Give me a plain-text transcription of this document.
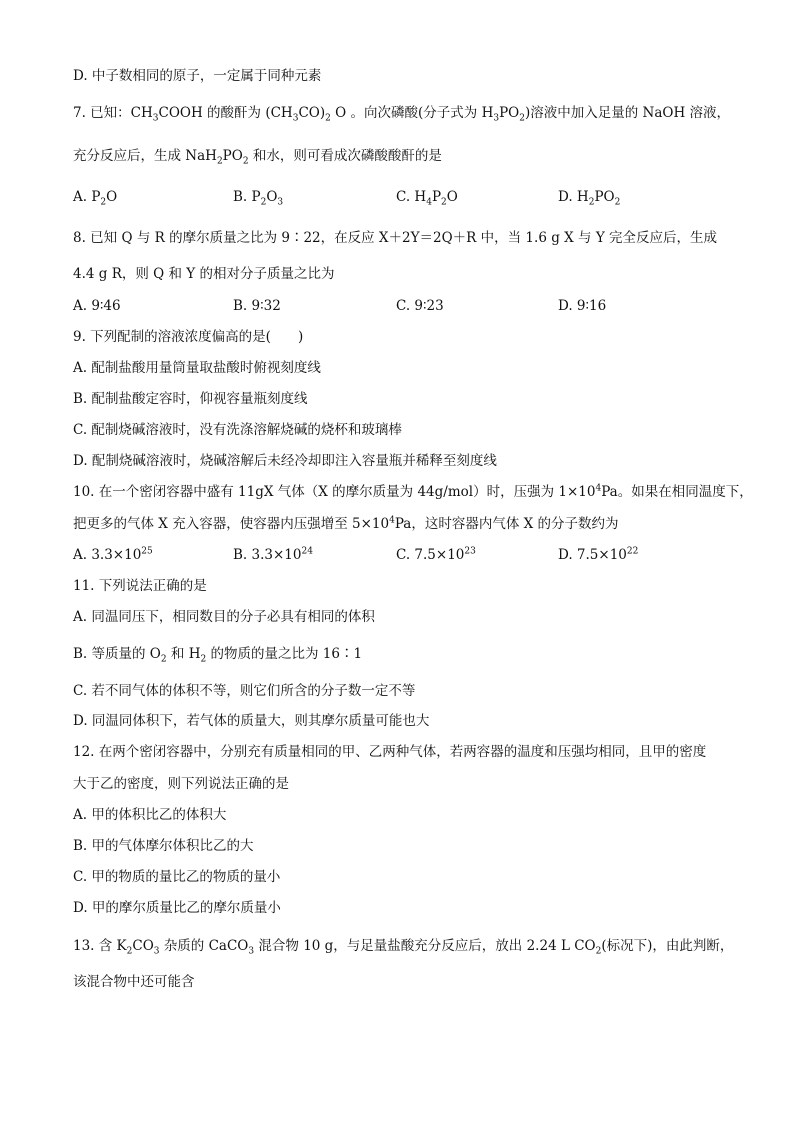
D. 中子数相同的原子，一定属于同种元素
7. 已知：$CH_3COOH$ 的酸酐为 $(CH_3CO)_2$ O 。向次磷酸(分子式为 $H_3PO_2$)溶液中加入足量的 NaOH 溶液，
充分反应后，生成 $NaH_2PO_2$ 和水，则可看成次磷酸酸酐的是
A. $P_2O$	B. $P_2O_3$	C. $H_4P_2O$	D. $H_2PO_2$
8. 已知 Q 与 R 的摩尔质量之比为 9∶22，在反应 X＋2Y＝2Q＋R 中，当 1.6 g X 与 Y 完全反应后，生成
4.4 g R，则 Q 和 Y 的相对分子质量之比为
A. 9∶46	B. 9∶32	C. 9∶23	D. 9∶16
9. 下列配制的溶液浓度偏高的是(　　)
A. 配制盐酸用量筒量取盐酸时俯视刻度线
B. 配制盐酸定容时，仰视容量瓶刻度线
C. 配制烧碱溶液时，没有洗涤溶解烧碱的烧杯和玻璃棒
D. 配制烧碱溶液时，烧碱溶解后未经冷却即注入容量瓶并稀释至刻度线
10. 在一个密闭容器中盛有 11gX 气体（X 的摩尔质量为 44g/mol）时，压强为 $1\times 10^4Pa$。如果在相同温度下，
把更多的气体 X 充入容器，使容器内压强增至 $5\times 10^4Pa$，这时容器内气体 X 的分子数约为
A. $3.3\times 10^{25}$	B. $3.3\times 10^{24}$	C. $7.5\times 10^{23}$	D. $7.5\times 10^{22}$
11. 下列说法正确的是
A. 同温同压下，相同数目的分子必具有相同的体积
B. 等质量的 $O_2$ 和 $H_2$ 的物质的量之比为 16∶1
C. 若不同气体的体积不等，则它们所含的分子数一定不等
D. 同温同体积下，若气体的质量大，则其摩尔质量可能也大
12. 在两个密闭容器中，分别充有质量相同的甲、乙两种气体，若两容器的温度和压强均相同，且甲的密度
大于乙的密度，则下列说法正确的是
A. 甲的体积比乙的体积大
B. 甲的气体摩尔体积比乙的大
C. 甲的物质的量比乙的物质的量小
D. 甲的摩尔质量比乙的摩尔质量小
13. 含 $K_2CO_3$ 杂质的 CaCO$_3$ 混合物 10 g，与足量盐酸充分反应后，放出 2.24 L $CO_2$(标况下)，由此判断，
该混合物中还可能含
